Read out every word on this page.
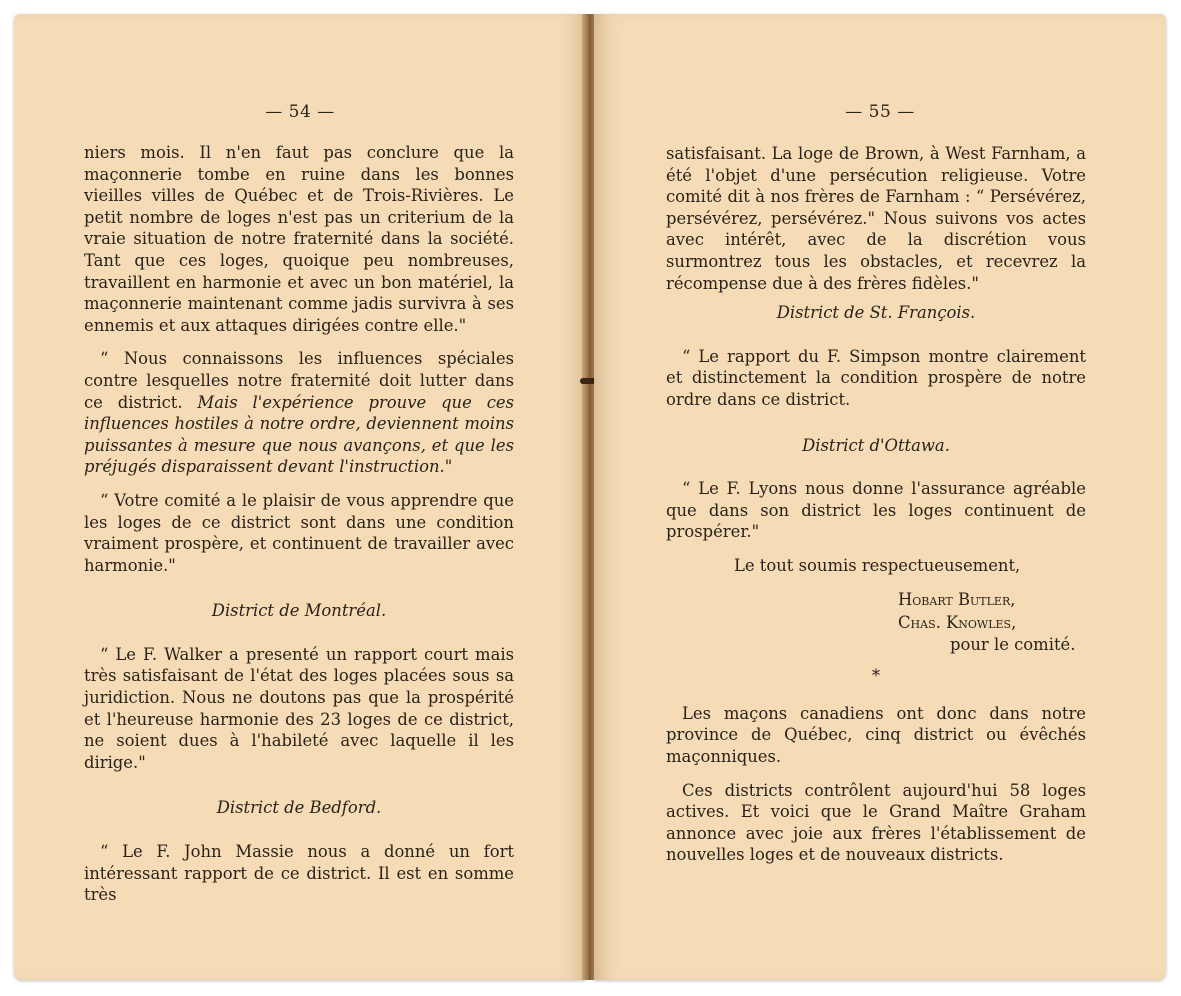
— 54 —

niers mois. Il n'en faut pas conclure que la maçonnerie tombe en ruine dans les bonnes vieilles villes de Québec et de Trois-Rivières. Le petit nombre de loges n'est pas un criterium de la vraie situation de notre fraternité dans la société. Tant que ces loges, quoique peu nombreuses, travaillent en harmonie et avec un bon matériel, la maçonnerie maintenant comme jadis survivra à ses ennemis et aux attaques dirigées contre elle."

“ Nous connaissons les influences spéciales contre lesquelles notre fraternité doit lutter dans ce district. Mais l'expérience prouve que ces influences hostiles à notre ordre, deviennent moins puissantes à mesure que nous avançons, et que les préjugés disparaissent devant l'instruction."

“ Votre comité a le plaisir de vous apprendre que les loges de ce district sont dans une condition vraiment prospère, et continuent de travailler avec harmonie."

District de Montréal.

“ Le F. Walker a presenté un rapport court mais très satisfaisant de l'état des loges placées sous sa juridiction. Nous ne doutons pas que la prospérité et l'heureuse harmonie des 23 loges de ce district, ne soient dues à l'habileté avec laquelle il les dirige."

District de Bedford.

“ Le F. John Massie nous a donné un fort intéressant rapport de ce district. Il est en somme très

— 55 —

satisfaisant. La loge de Brown, à West Farnham, a été l'objet d'une persécution religieuse. Votre comité dit à nos frères de Farnham : “ Persévérez, persévérez, persévérez." Nous suivons vos actes avec intérêt, avec de la discrétion vous surmontrez tous les obstacles, et recevrez la récompense due à des frères fidèles."

District de St. François.

“ Le rapport du F. Simpson montre clairement et distinctement la condition prospère de notre ordre dans ce district.

District d'Ottawa.

“ Le F. Lyons nous donne l'assurance agréable que dans son district les loges continuent de prospérer."

Le tout soumis respectueusement,

Hobart Butler,

Chas. Knowles,

pour le comité.

*

Les maçons canadiens ont donc dans notre province de Québec, cinq district ou évêchés maçonniques.

Ces districts contrôlent aujourd'hui 58 loges actives. Et voici que le Grand Maître Graham annonce avec joie aux frères l'établissement de nouvelles loges et de nouveaux districts.
